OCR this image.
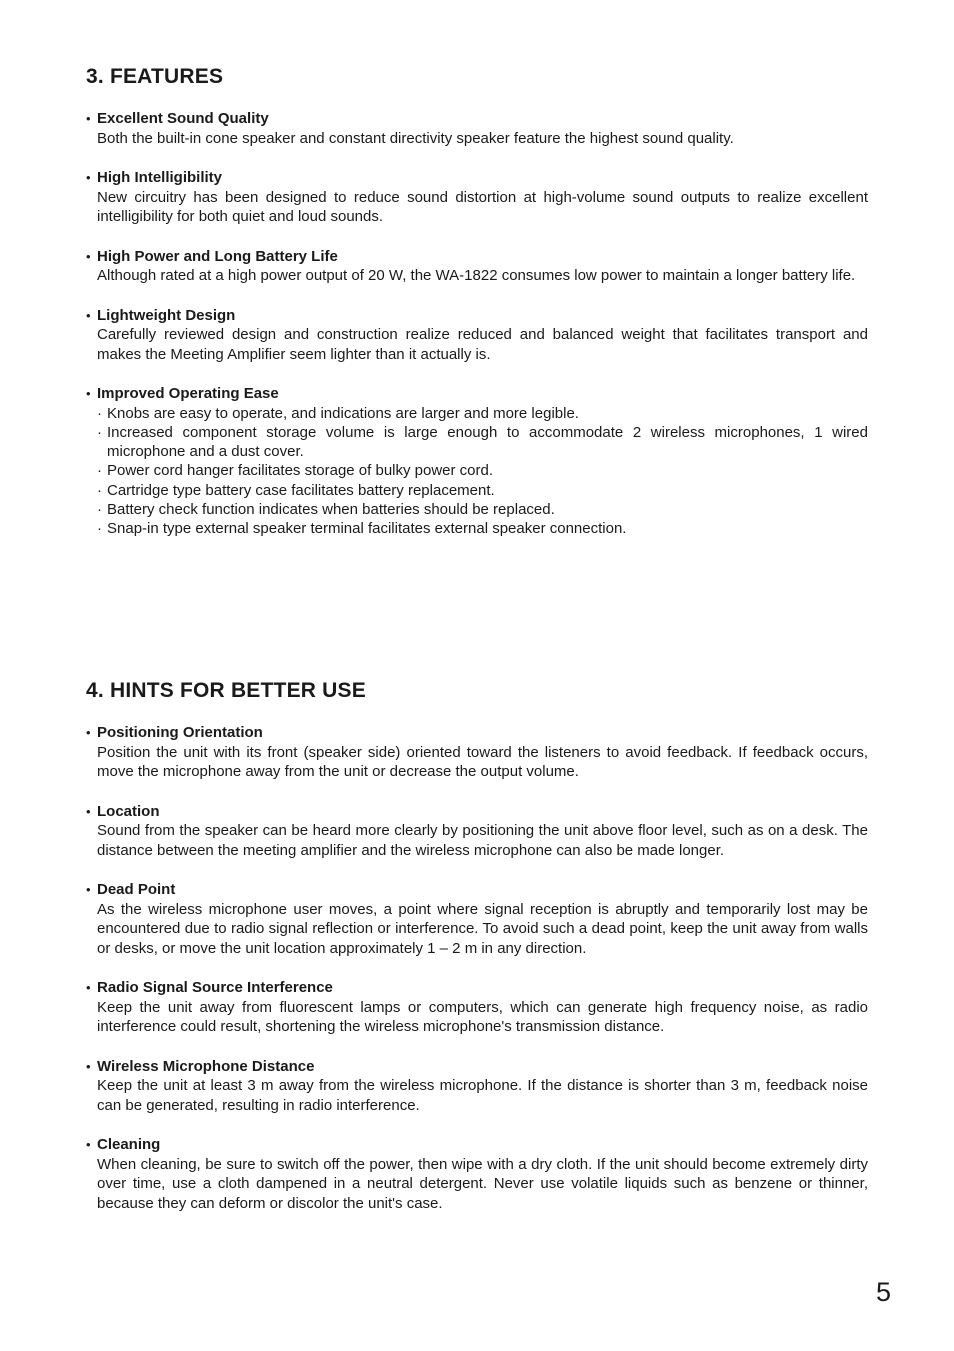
3. FEATURES
• Excellent Sound Quality

Both the built-in cone speaker and constant directivity speaker feature the highest sound quality.

• High Intelligibility

New circuitry has been designed to reduce sound distortion at high-volume sound outputs to realize excellent intelligibility for both quiet and loud sounds.

• High Power and Long Battery Life

Although rated at a high power output of 20 W, the WA-1822 consumes low power to maintain a longer battery life.

• Lightweight Design

Carefully reviewed design and construction realize reduced and balanced weight that facilitates transport and makes the Meeting Amplifier seem lighter than it actually is.

• Improved Operating Ease

· Knobs are easy to operate, and indications are larger and more legible.
· Increased component storage volume is large enough to accommodate 2 wireless microphones, 1 wired microphone and a dust cover.
· Power cord hanger facilitates storage of bulky power cord.
· Cartridge type battery case facilitates battery replacement.
· Battery check function indicates when batteries should be replaced.
· Snap-in type external speaker terminal facilitates external speaker connection.
4. HINTS FOR BETTER USE
• Positioning Orientation

Position the unit with its front (speaker side) oriented toward the listeners to avoid feedback. If feedback occurs, move the microphone away from the unit or decrease the output volume.

• Location

Sound from the speaker can be heard more clearly by positioning the unit above floor level, such as on a desk. The distance between the meeting amplifier and the wireless microphone can also be made longer.

• Dead Point

As the wireless microphone user moves, a point where signal reception is abruptly and temporarily lost may be encountered due to radio signal reflection or interference. To avoid such a dead point, keep the unit away from walls or desks, or move the unit location approximately 1 – 2 m in any direction.

• Radio Signal Source Interference

Keep the unit away from fluorescent lamps or computers, which can generate high frequency noise, as radio interference could result, shortening the wireless microphone's transmission distance.

• Wireless Microphone Distance

Keep the unit at least 3 m away from the wireless microphone. If the distance is shorter than 3 m, feedback noise can be generated, resulting in radio interference.

• Cleaning

When cleaning, be sure to switch off the power, then wipe with a dry cloth. If the unit should become extremely dirty over time, use a cloth dampened in a neutral detergent. Never use volatile liquids such as benzene or thinner, because they can deform or discolor the unit's case.

5
